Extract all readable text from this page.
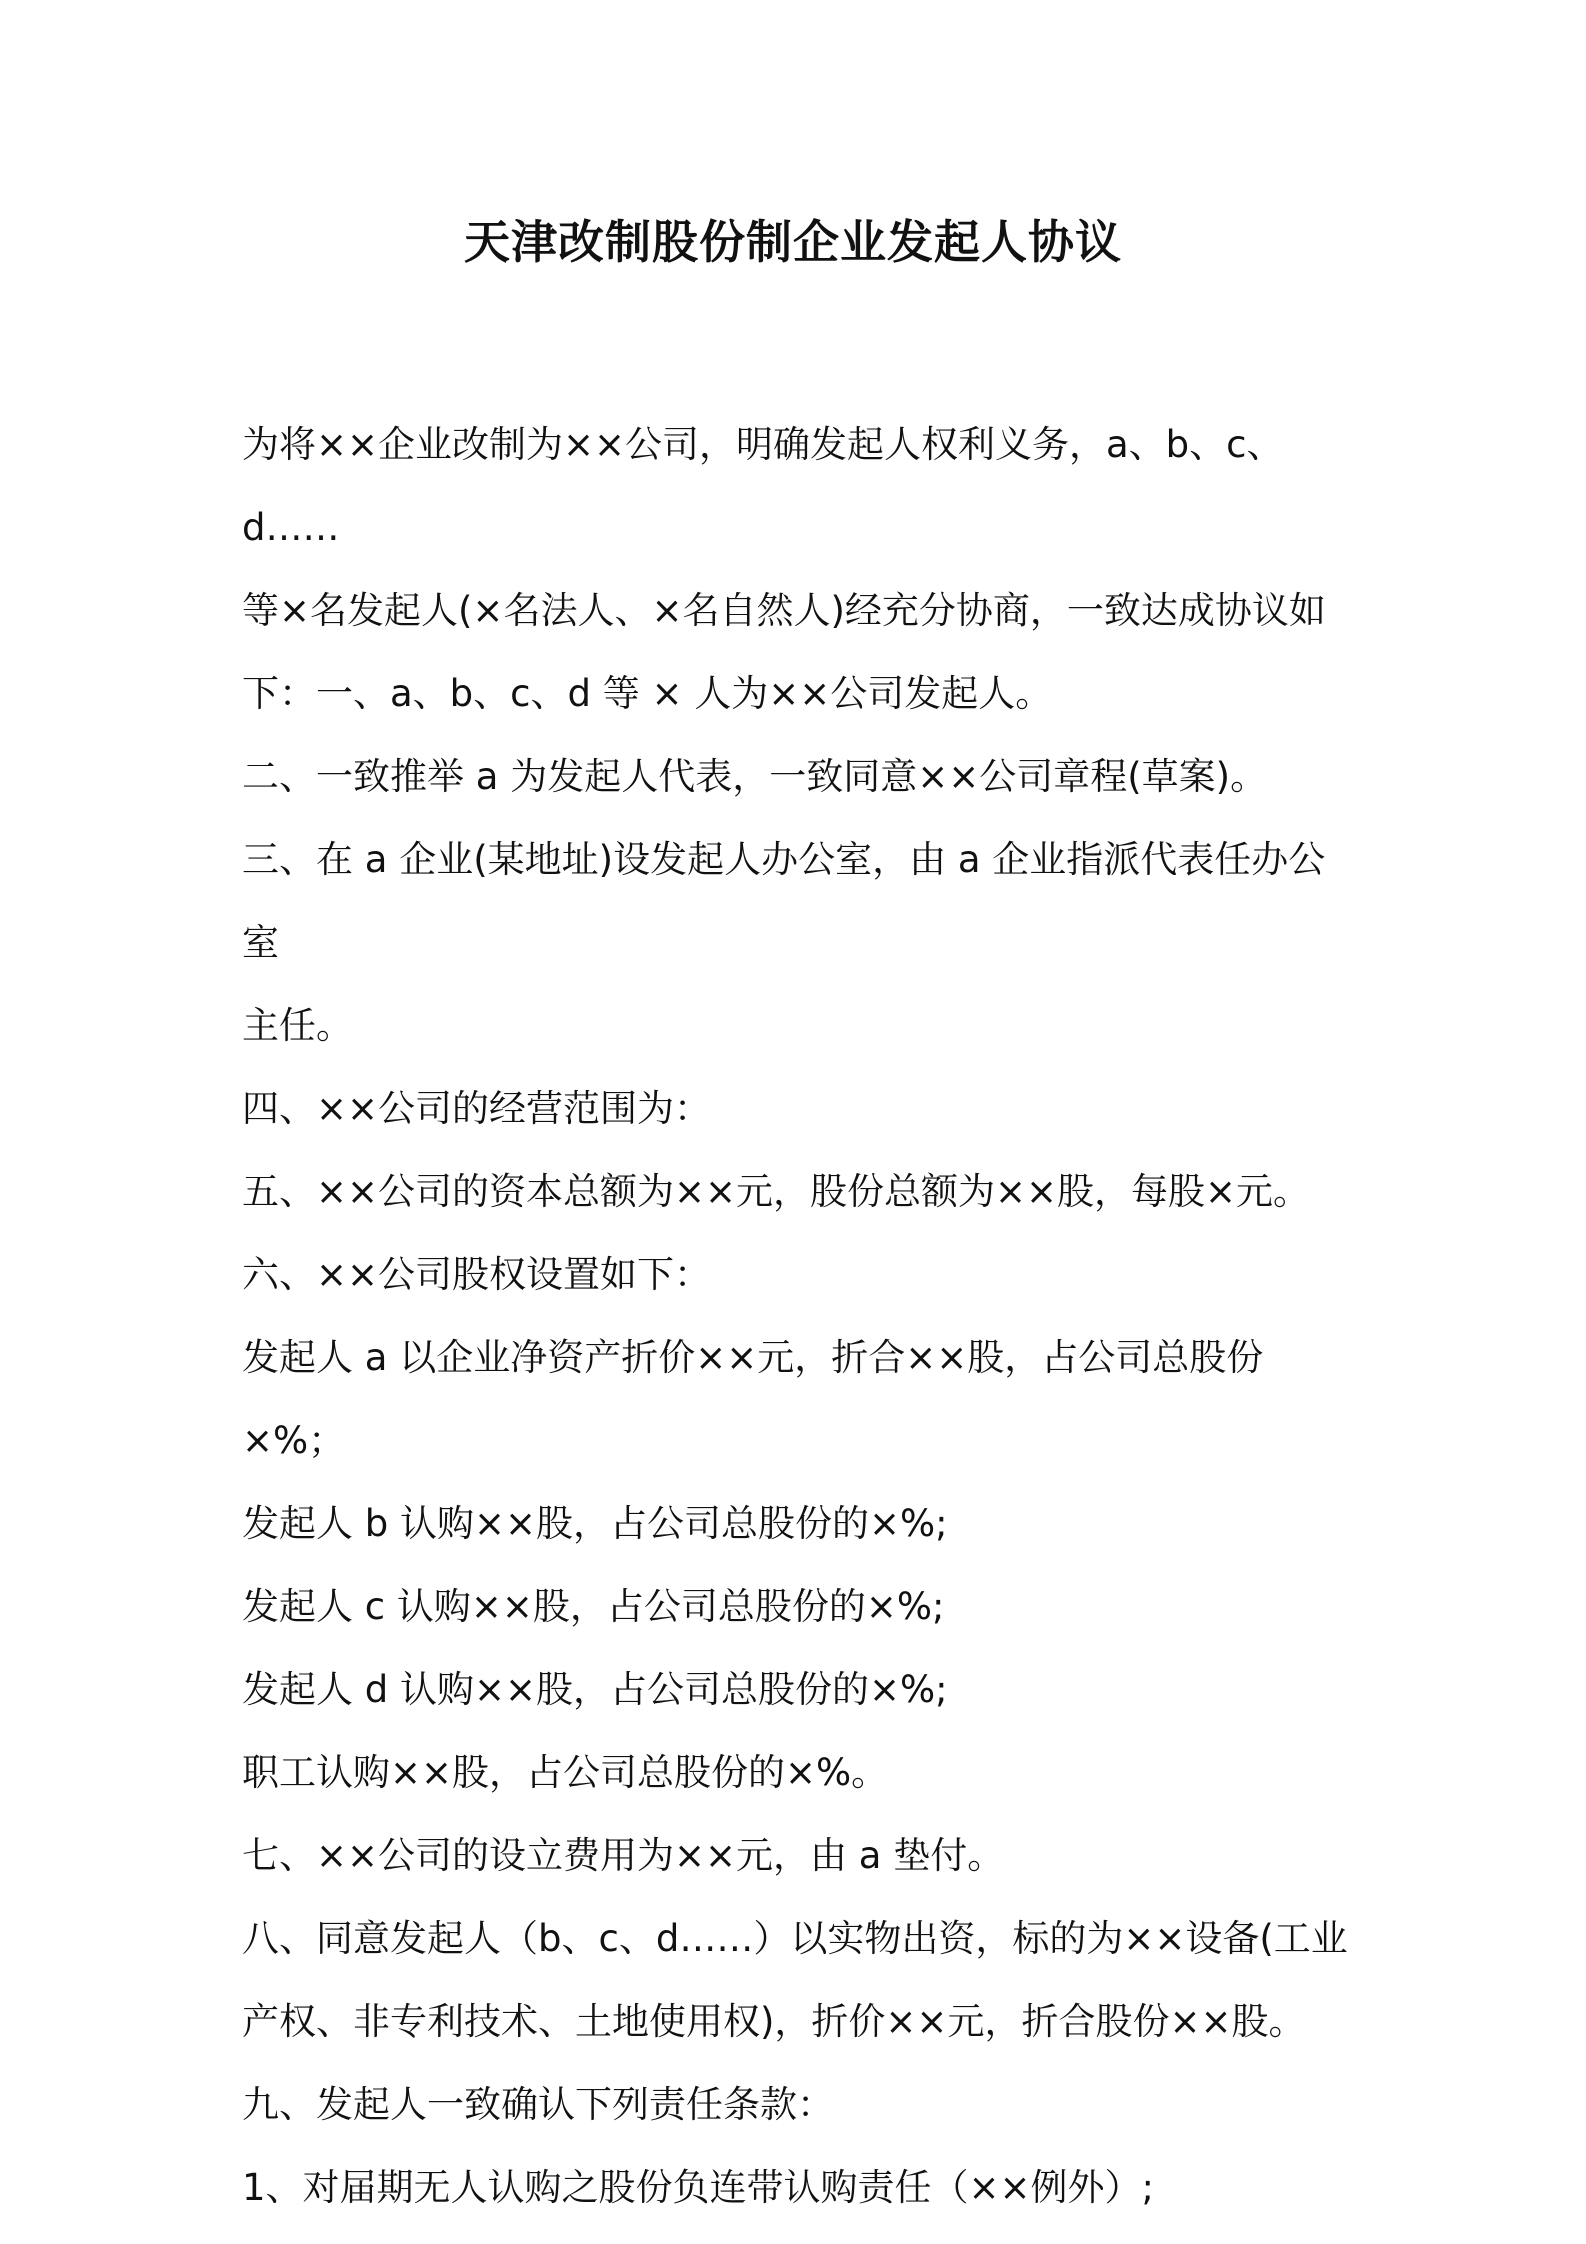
天津改制股份制企业发起人协议

为将××企业改制为××公司，明确发起人权利义务，a、b、c、d……

等×名发起人(×名法人、×名自然人)经充分协商，一致达成协议如

下：一、a、b、c、d 等 × 人为××公司发起人。

二、一致推举 a 为发起人代表，一致同意××公司章程(草案)。

三、在 a 企业(某地址)设发起人办公室，由 a 企业指派代表任办公室

主任。

四、××公司的经营范围为：

五、××公司的资本总额为××元，股份总额为××股，每股×元。

六、××公司股权设置如下：

发起人 a 以企业净资产折价××元，折合××股，占公司总股份×%；

发起人 b 认购××股，占公司总股份的×%;

发起人 c 认购××股，占公司总股份的×%;

发起人 d 认购××股，占公司总股份的×%;

职工认购××股，占公司总股份的×%。

七、××公司的设立费用为××元，由 a 垫付。

八、同意发起人（b、c、d……）以实物出资，标的为××设备(工业

产权、非专利技术、土地使用权)，折价××元，折合股份××股。

九、发起人一致确认下列责任条款：

1、对届期无人认购之股份负连带认购责任（××例外）;
